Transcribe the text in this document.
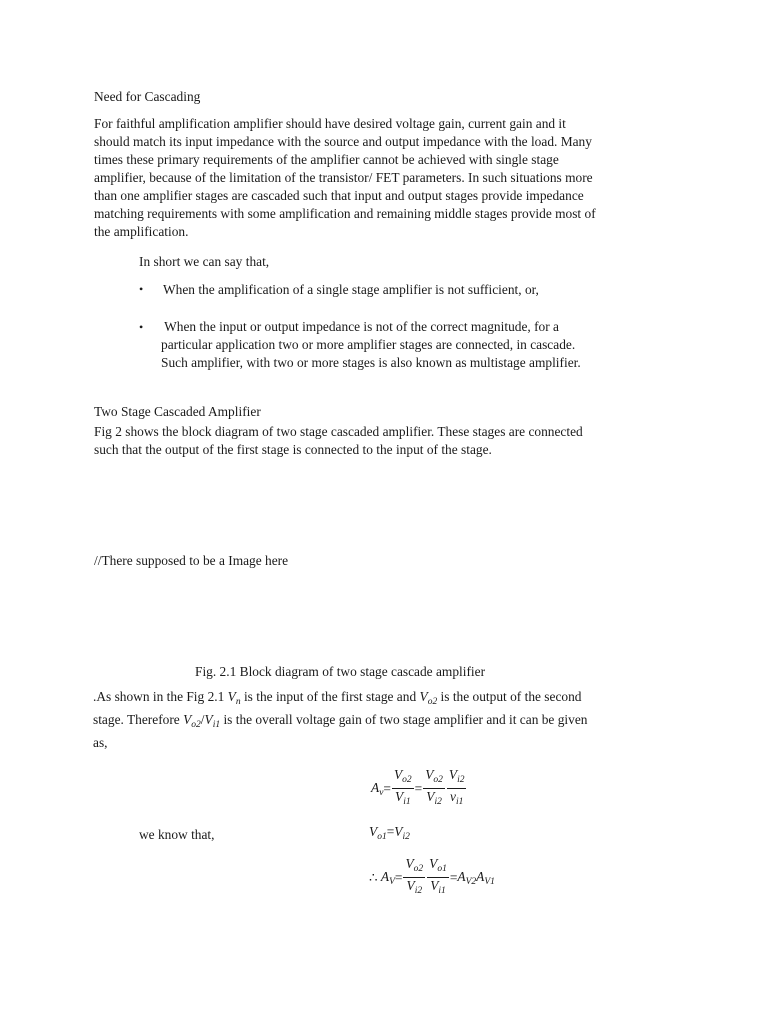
Need for Cascading
For faithful amplification amplifier should have desired voltage gain, current gain and it
should match its input impedance with the source and output impedance with the load. Many
times these primary requirements of the amplifier cannot be achieved with single stage
amplifier, because of the limitation of the transistor/ FET parameters. In such situations more
than one amplifier stages are cascaded such that input and output stages provide impedance
matching requirements with some amplification and remaining middle stages provide most of
the amplification.
In short we can say that,
• When the amplification of a single stage amplifier is not sufficient, or,
• When the input or output impedance is not of the correct magnitude, for a
particular application two or more amplifier stages are connected, in cascade.
Such amplifier, with two or more stages is also known as multistage amplifier.
Two Stage Cascaded Amplifier
Fig 2 shows the block diagram of two stage cascaded amplifier. These stages are connected
such that the output of the first stage is connected to the input of the stage.
//There supposed to be a Image here
Fig. 2.1 Block diagram of two stage cascade amplifier
.As shown in the Fig 2.1 $V_n$ is the input of the first stage and $V_{o2}$ is the output of the second
stage. Therefore $V_{o2}/V_{i1}$ is the overall voltage gain of two stage amplifier and it can be given
as,
$A_v= \frac{V_{o2}}{V_{i1}} = \frac{V_{o2}}{V_{i2}} \frac{V_{i2}}{v_{i1}}$
we know that,	$V_{o1}=V_{i2}$
∴ $A_V= \frac{V_{o2}}{V_{i2}} \frac{V_{o1}}{V_{i1}} =A_{V2}A_{V1}$
